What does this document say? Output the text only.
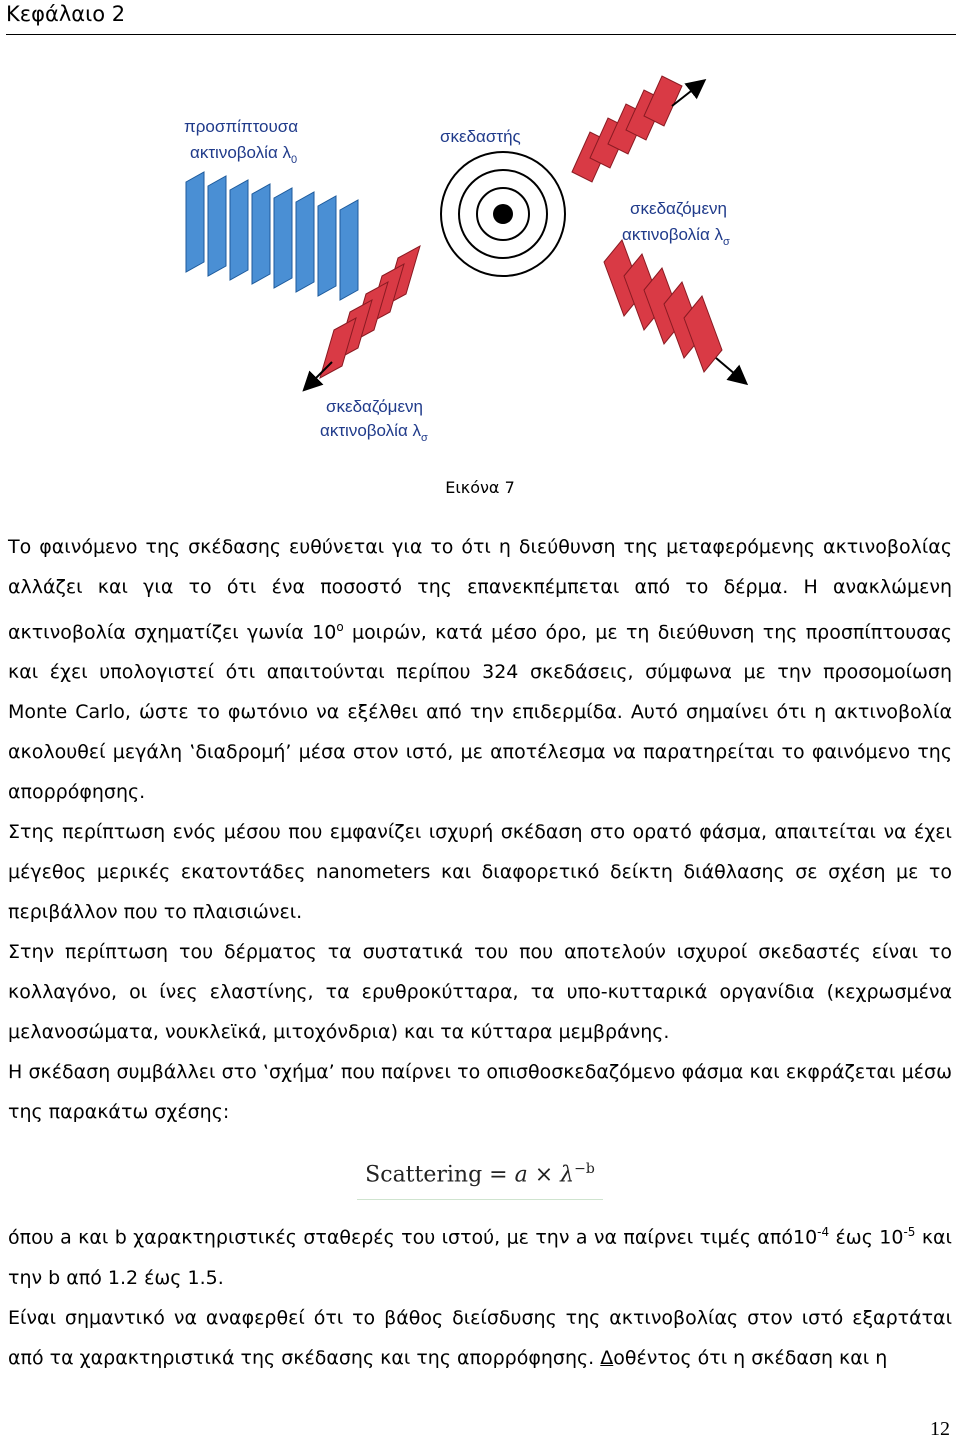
Κεφάλαιο 2
προσπίπτουσα
ακτινοβολία $\lambda_0$
σκεδαστής
σκεδαζόμενη
ακτινοβολία $\lambda_\sigma$
σκεδαζόμενη
ακτινοβολία $\lambda_\sigma$
Εικόνα 7

Το φαινόμενο της σκέδασης ευθύνεται για το ότι η διεύθυνση της μεταφερόμενης ακτινοβολίας αλλάζει και για το ότι ένα ποσοστό της επανεκπέμπεται από το δέρμα. Η ανακλώμενη ακτινοβολία σχηματίζει γωνία $10^o$ μοιρών, κατά μέσο όρο, με τη διεύθυνση της προσπίπτουσας και έχει υπολογιστεί ότι απαιτούνται περίπου 324 σκεδάσεις, σύμφωνα με την προσομοίωση Monte Carlo, ώστε το φωτόνιο να εξέλθει από την επιδερμίδα. Αυτό σημαίνει ότι η ακτινοβολία ακολουθεί μεγάλη ‛διαδρομή’ μέσα στον ιστό, με αποτέλεσμα να παρατηρείται το φαινόμενο της απορρόφησης.

Στης περίπτωση ενός μέσου που εμφανίζει ισχυρή σκέδαση στο ορατό φάσμα, απαιτείται να έχει μέγεθος μερικές εκατοντάδες nanometers και διαφορετικό δείκτη διάθλασης σε σχέση με το περιβάλλον που το πλαισιώνει.

Στην περίπτωση του δέρματος τα συστατικά του που αποτελούν ισχυροί σκεδαστές είναι το κολλαγόνο, οι ίνες ελαστίνης, τα ερυθροκύτταρα, τα υπο-κυτταρικά οργανίδια (κεχρωσμένα μελανοσώματα, νουκλεϊκά, μιτοχόνδρια) και τα κύτταρα μεμβράνης.

Η σκέδαση συμβάλλει στο ‛σχήμα’ που παίρνει το οπισθοσκεδαζόμενο φάσμα και εκφράζεται μέσω της παρακάτω σχέσης:

Scattering = $a \times \lambda^{-b}$

όπου a και b χαρακτηριστικές σταθερές του ιστού, με την a να παίρνει τιμές $\alpha\pi ό10^{-4}$ έως $10^{-5}$ και την b από 1.2 έως 1.5.

Είναι σημαντικό να αναφερθεί ότι το βάθος διείσδυσης της ακτινοβολίας στον ιστό εξαρτάται από τα χαρακτηριστικά της σκέδασης και της απορρόφησης. Δοθέντος ότι η σκέδαση και η

12
